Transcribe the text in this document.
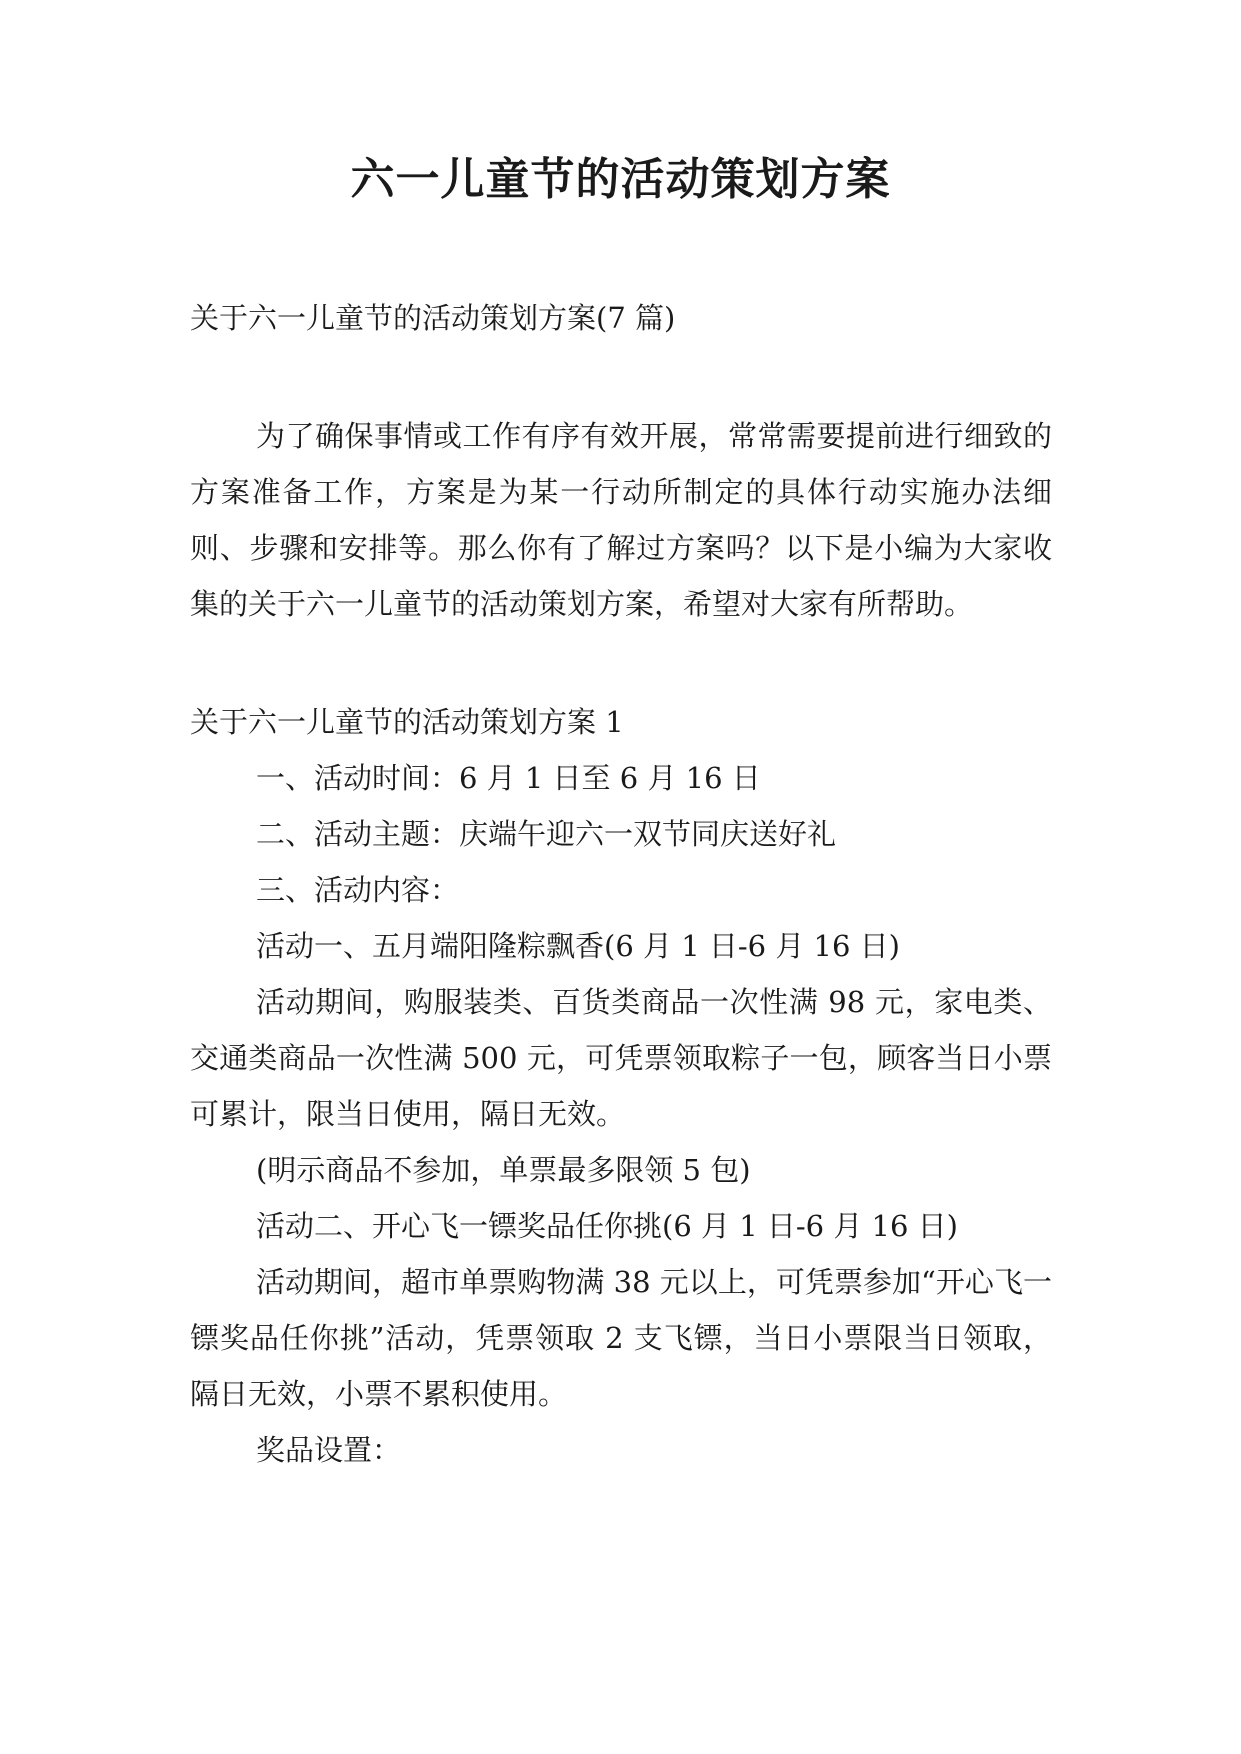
六一儿童节的活动策划方案

关于六一儿童节的活动策划方案(7 篇)

为了确保事情或工作有序有效开展，常常需要提前进行细致的方案准备工作，方案是为某一行动所制定的具体行动实施办法细则、步骤和安排等。那么你有了解过方案吗？以下是小编为大家收集的关于六一儿童节的活动策划方案，希望对大家有所帮助。

关于六一儿童节的活动策划方案 1

一、活动时间：6 月 1 日至 6 月 16 日

二、活动主题：庆端午迎六一双节同庆送好礼

三、活动内容：

活动一、五月端阳隆粽飘香(6 月 1 日-6 月 16 日)

活动期间，购服装类、百货类商品一次性满 98 元，家电类、交通类商品一次性满 500 元，可凭票领取粽子一包，顾客当日小票可累计，限当日使用，隔日无效。

(明示商品不参加，单票最多限领 5 包)

活动二、开心飞一镖奖品任你挑(6 月 1 日-6 月 16 日)

活动期间，超市单票购物满 38 元以上，可凭票参加“开心飞一镖奖品任你挑”活动，凭票领取 2 支飞镖，当日小票限当日领取，隔日无效，小票不累积使用。

奖品设置：
